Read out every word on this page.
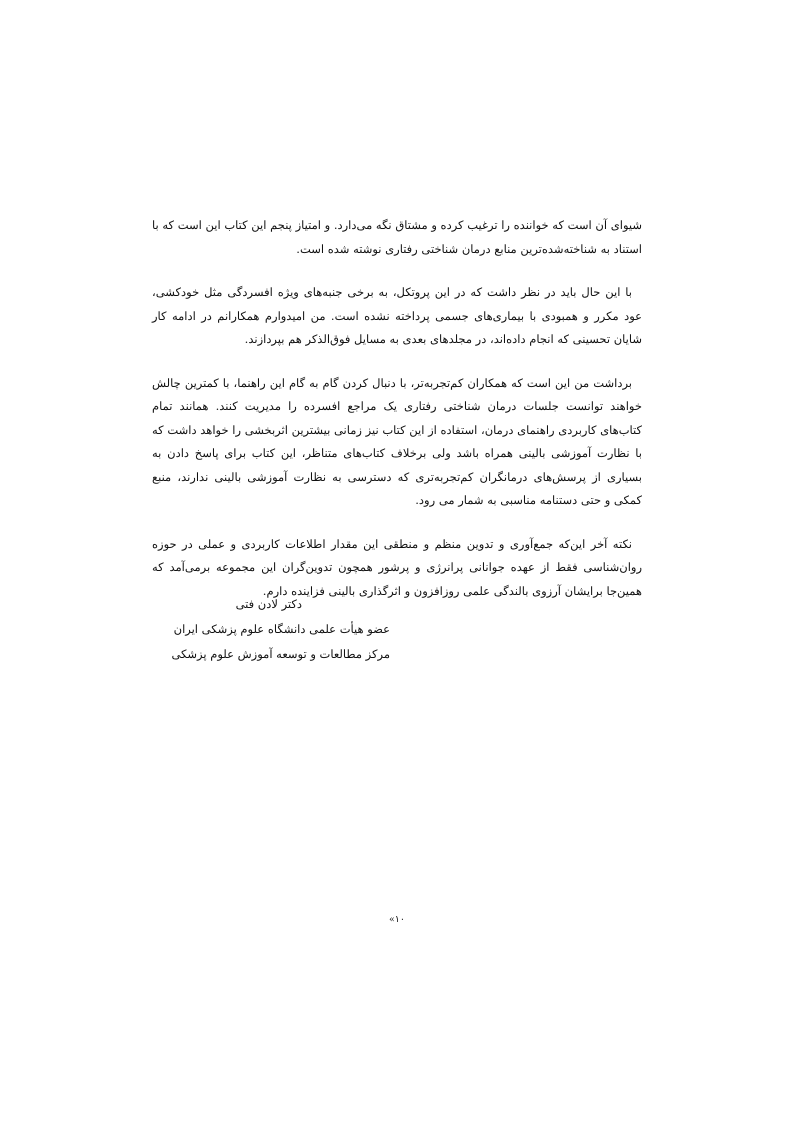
شیوای آن است که خواننده را ترغیب کرده و مشتاق نگه می‌دارد. و امتیاز پنجم این کتاب این است که با استناد به شناخته‌شده‌ترین منابع درمان شناختی رفتاری نوشته شده است.

با این حال باید در نظر داشت که در این پروتکل، به برخی جنبه‌های ویژه افسردگی مثل خودکشی، عود مکرر و همبودی با بیماری‌های جسمی پرداخته نشده است. من امیدوارم همکارانم در ادامه کار شایان تحسینی که انجام داده‌اند، در مجلدهای بعدی به مسایل فوق‌الذکر هم بپردازند.

برداشت من این است که همکاران کم‌تجربه‌تر، با دنبال کردن گام به گام این راهنما، با کمترین چالش خواهند توانست جلسات درمان شناختی رفتاری یک مراجع افسرده را مدیریت کنند. همانند تمام کتاب‌های کاربردی راهنمای درمان، استفاده از این کتاب نیز زمانی بیشترین اثربخشی را خواهد داشت که با نظارت آموزشی بالینی همراه باشد ولی برخلاف کتاب‌های متناظر، این کتاب برای پاسخ دادن به بسیاری از پرسش‌های درمانگران کم‌تجربه‌تری که دسترسی به نظارت آموزشی بالینی ندارند، منبع کمکی و حتی دستنامه مناسبی به شمار می رود.

نکته آخر این‌که جمع‌آوری و تدوین منظم و منطقی این مقدار اطلاعات کاربردی و عملی در حوزه روان‌شناسی فقط از عهده جوانانی پرانرژی و پرشور همچون تدوین‌گران این مجموعه برمی‌آمد که همین‌جا برایشان آرزوی بالندگی علمی روزافزون و اثرگذاری بالینی فزاینده دارم.

دکتر لادن فتی
عضو هیأت علمی دانشگاه علوم پزشکی ایران
مرکز مطالعات و توسعه آموزش علوم پزشکی
۱۰»
